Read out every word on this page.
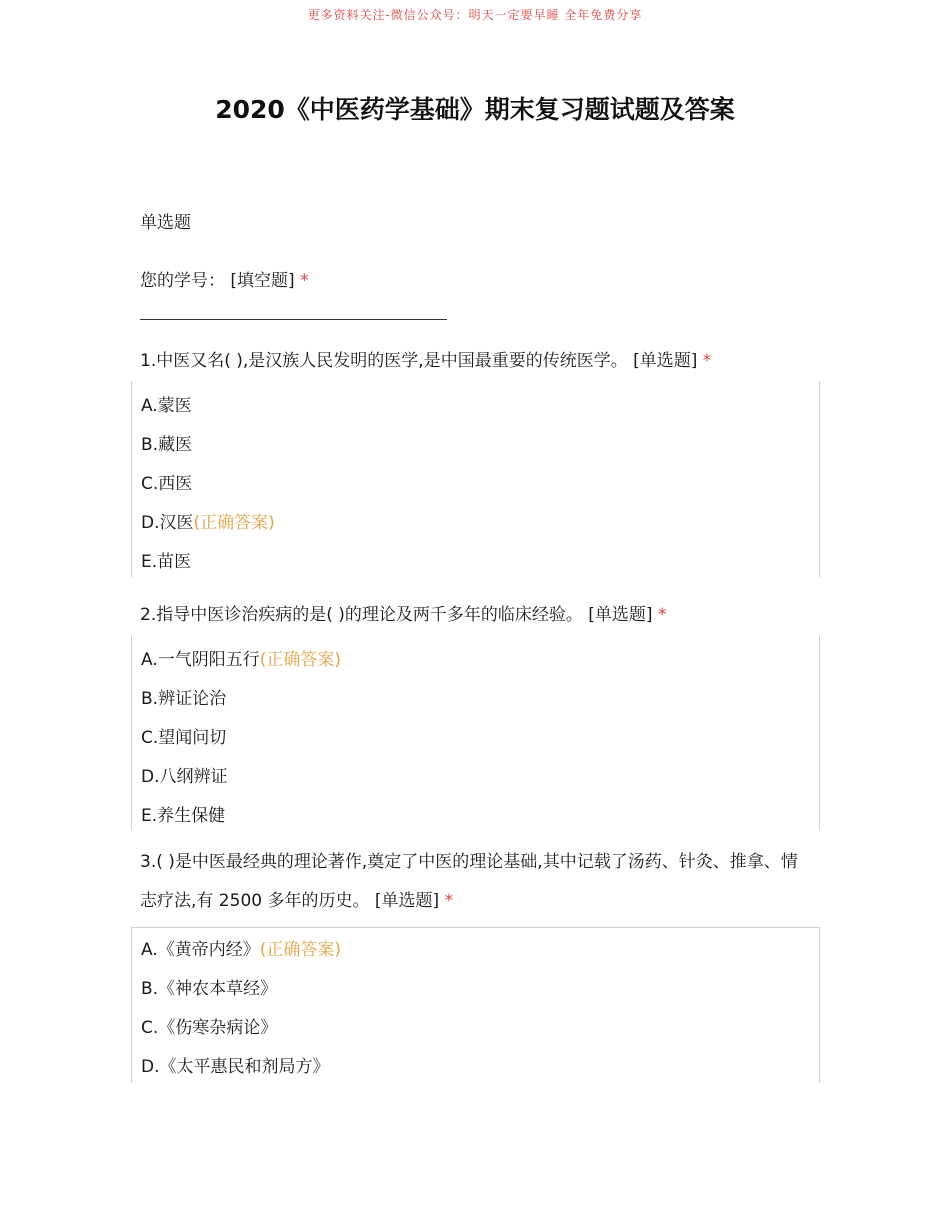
更多资料关注-微信公众号：明天一定要早睡 全年免费分享
2020《中医药学基础》期末复习题试题及答案
单选题
您的学号： [填空题] *
1.中医又名( ),是汉族人民发明的医学,是中国最重要的传统医学。 [单选题] *
A.蒙医
B.藏医
C.西医
D.汉医(正确答案)
E.苗医
2.指导中医诊治疾病的是( )的理论及两千多年的临床经验。 [单选题] *
A.一气阴阳五行(正确答案)
B.辨证论治
C.望闻问切
D.八纲辨证
E.养生保健
3.( )是中医最经典的理论著作,奠定了中医的理论基础,其中记载了汤药、针灸、推拿、情志疗法,有 2500 多年的历史。 [单选题] *
A.《黄帝内经》(正确答案)
B.《神农本草经》
C.《伤寒杂病论》
D.《太平惠民和剂局方》
